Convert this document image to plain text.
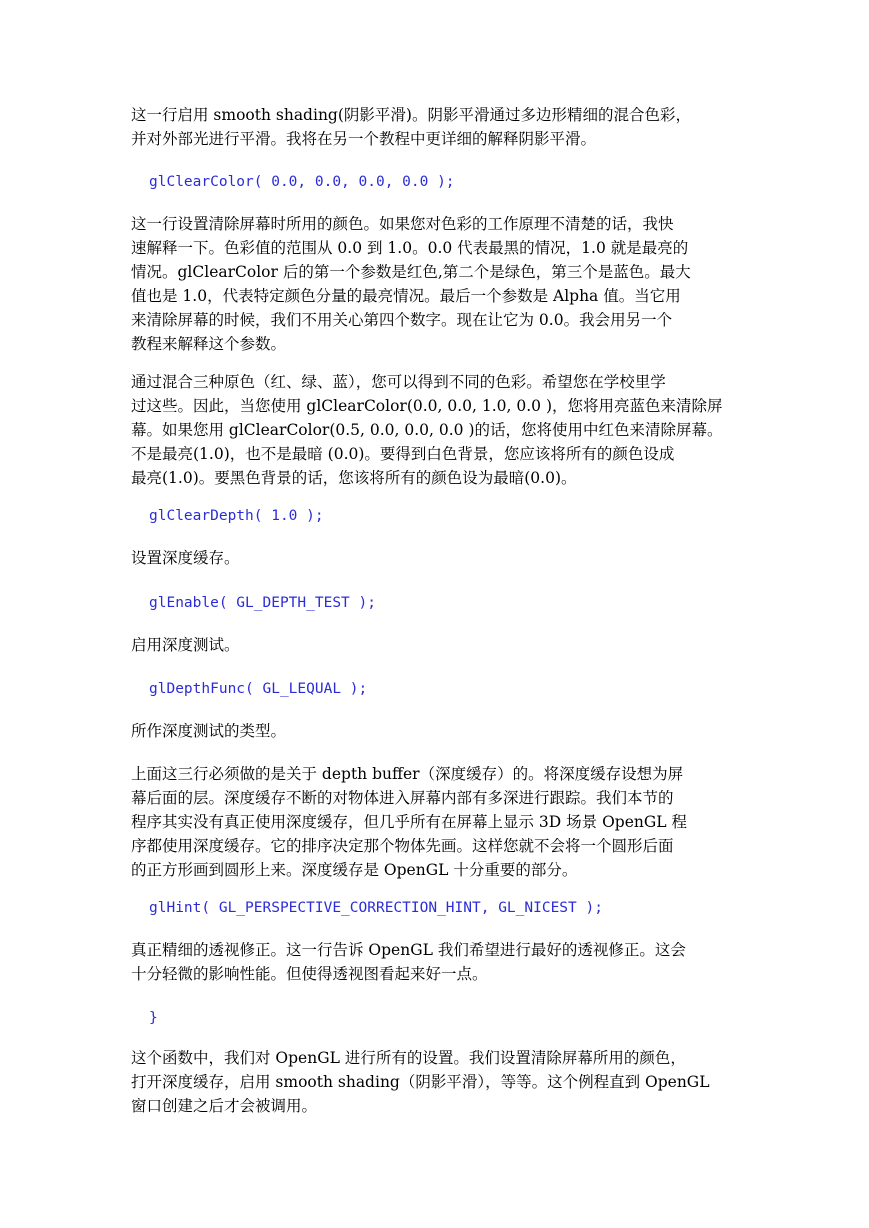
这一行启用 smooth shading(阴影平滑)。阴影平滑通过多边形精细的混合色彩，
并对外部光进行平滑。我将在另一个教程中更详细的解释阴影平滑。

glClearColor( 0.0, 0.0, 0.0, 0.0 );

这一行设置清除屏幕时所用的颜色。如果您对色彩的工作原理不清楚的话，我快
速解释一下。色彩值的范围从 0.0 到 1.0。0.0 代表最黑的情况，1.0 就是最亮的
情况。glClearColor 后的第一个参数是红色,第二个是绿色，第三个是蓝色。最大
值也是 1.0，代表特定颜色分量的最亮情况。最后一个参数是 Alpha 值。当它用
来清除屏幕的时候，我们不用关心第四个数字。现在让它为 0.0。我会用另一个
教程来解释这个参数。

通过混合三种原色（红、绿、蓝），您可以得到不同的色彩。希望您在学校里学
过这些。因此，当您使用 glClearColor(0.0, 0.0, 1.0, 0.0 )，您将用亮蓝色来清除屏
幕。如果您用 glClearColor(0.5, 0.0, 0.0, 0.0 )的话，您将使用中红色来清除屏幕。
不是最亮(1.0)，也不是最暗 (0.0)。要得到白色背景，您应该将所有的颜色设成
最亮(1.0)。要黑色背景的话，您该将所有的颜色设为最暗(0.0)。

glClearDepth( 1.0 );

设置深度缓存。

glEnable( GL_DEPTH_TEST );

启用深度测试。

glDepthFunc( GL_LEQUAL );

所作深度测试的类型。

上面这三行必须做的是关于 depth buffer（深度缓存）的。将深度缓存设想为屏
幕后面的层。深度缓存不断的对物体进入屏幕内部有多深进行跟踪。我们本节的
程序其实没有真正使用深度缓存，但几乎所有在屏幕上显示 3D 场景 OpenGL 程
序都使用深度缓存。它的排序决定那个物体先画。这样您就不会将一个圆形后面
的正方形画到圆形上来。深度缓存是 OpenGL 十分重要的部分。

glHint( GL_PERSPECTIVE_CORRECTION_HINT, GL_NICEST );

真正精细的透视修正。这一行告诉 OpenGL 我们希望进行最好的透视修正。这会
十分轻微的影响性能。但使得透视图看起来好一点。

}

这个函数中，我们对 OpenGL 进行所有的设置。我们设置清除屏幕所用的颜色，
打开深度缓存，启用 smooth shading（阴影平滑），等等。这个例程直到 OpenGL
窗口创建之后才会被调用。
